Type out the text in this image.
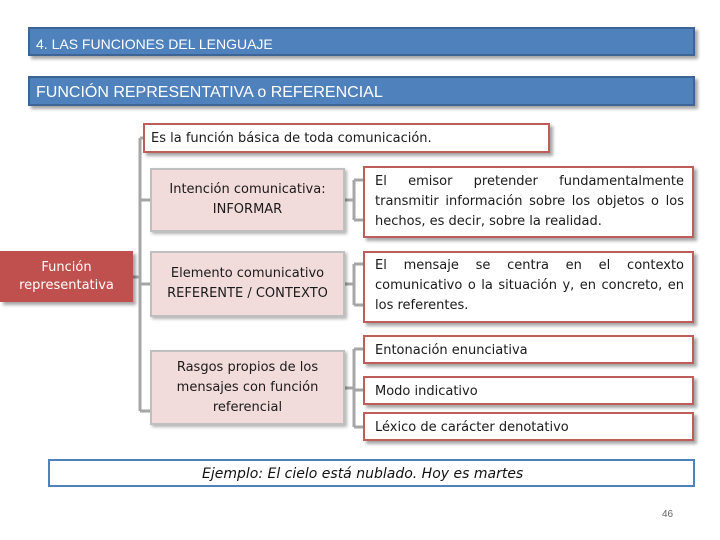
4. LAS FUNCIONES DEL LENGUAJE
FUNCIÓN REPRESENTATIVA o REFERENCIAL
Es la función básica de toda comunicación.
Función representativa
Intención comunicativa: INFORMAR
El emisor pretender fundamentalmente transmitir información sobre los objetos o los hechos, es decir, sobre la realidad.
Elemento comunicativo REFERENTE / CONTEXTO
El mensaje se centra en el contexto comunicativo o la situación y, en concreto, en los referentes.
Rasgos propios de los mensajes con función referencial
Entonación enunciativa
Modo indicativo
Léxico de carácter denotativo
Ejemplo: El cielo está nublado. Hoy es martes
46
